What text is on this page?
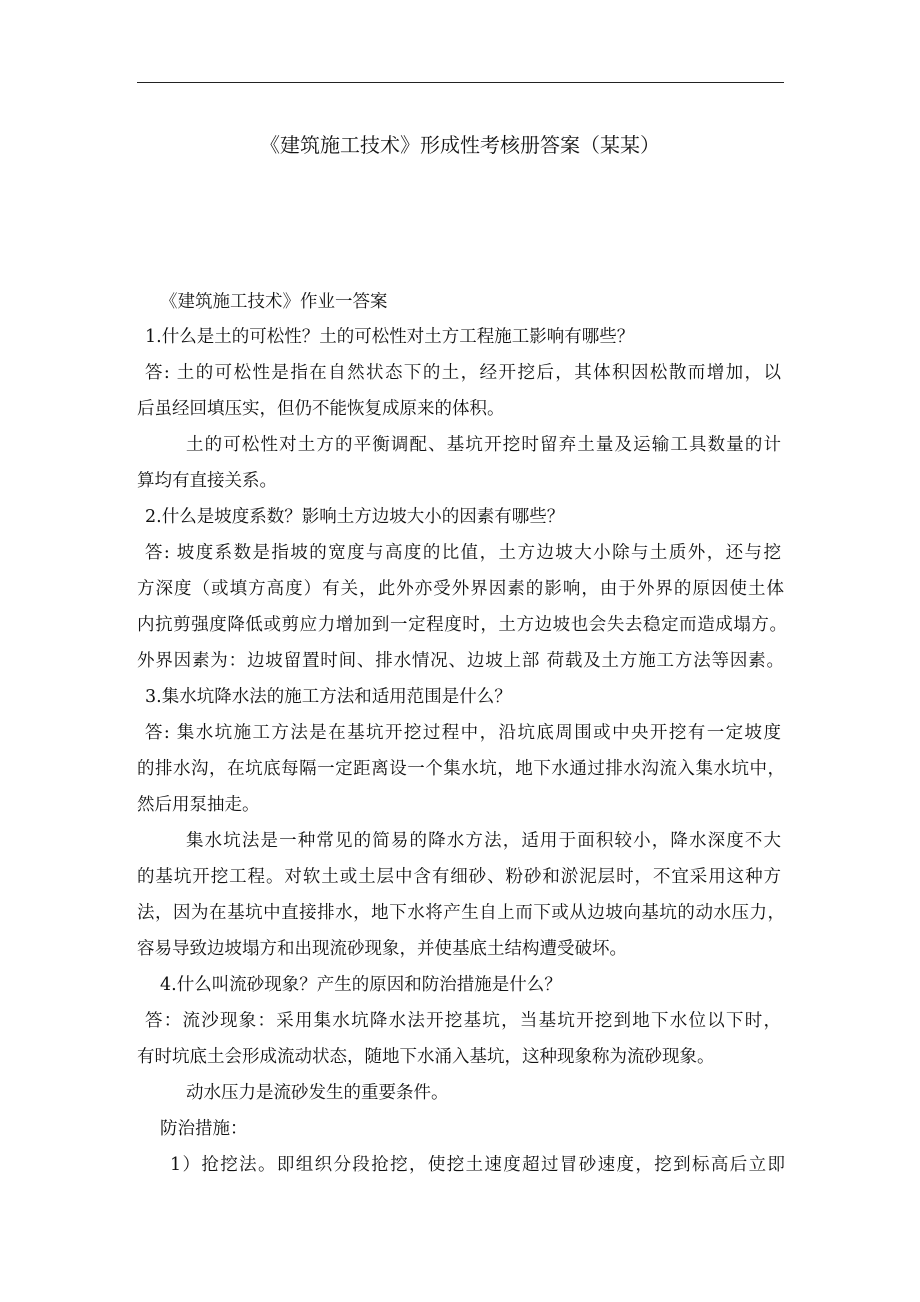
《建筑施工技术》形成性考核册答案（某某）
《建筑施工技术》作业一答案
1.什么是土的可松性？土的可松性对土方工程施工影响有哪些？
答: 土的可松性是指在自然状态下的土，经开挖后，其体积因松散而增加，以
后虽经回填压实，但仍不能恢复成原来的体积。
土的可松性对土方的平衡调配、基坑开挖时留弃土量及运输工具数量的计
算均有直接关系。
2.什么是坡度系数？影响土方边坡大小的因素有哪些？
答: 坡度系数是指坡的宽度与高度的比值，土方边坡大小除与土质外，还与挖
方深度（或填方高度）有关，此外亦受外界因素的影响，由于外界的原因使土体
内抗剪强度降低或剪应力增加到一定程度时，土方边坡也会失去稳定而造成塌方。
外界因素为：边坡留置时间、排水情况、边坡上部 荷载及土方施工方法等因素。
3.集水坑降水法的施工方法和适用范围是什么？
答: 集水坑施工方法是在基坑开挖过程中，沿坑底周围或中央开挖有一定坡度
的排水沟，在坑底每隔一定距离设一个集水坑，地下水通过排水沟流入集水坑中，
然后用泵抽走。
集水坑法是一种常见的简易的降水方法，适用于面积较小，降水深度不大
的基坑开挖工程。对软土或土层中含有细砂、粉砂和淤泥层时，不宜采用这种方
法，因为在基坑中直接排水，地下水将产生自上而下或从边坡向基坑的动水压力，
容易导致边坡塌方和出现流砂现象，并使基底土结构遭受破坏。
4.什么叫流砂现象？产生的原因和防治措施是什么？
答：流沙现象：采用集水坑降水法开挖基坑，当基坑开挖到地下水位以下时，
有时坑底土会形成流动状态，随地下水涌入基坑，这种现象称为流砂现象。
动水压力是流砂发生的重要条件。
防治措施：
1）抢挖法。即组织分段抢挖，使挖土速度超过冒砂速度，挖到标高后立即
